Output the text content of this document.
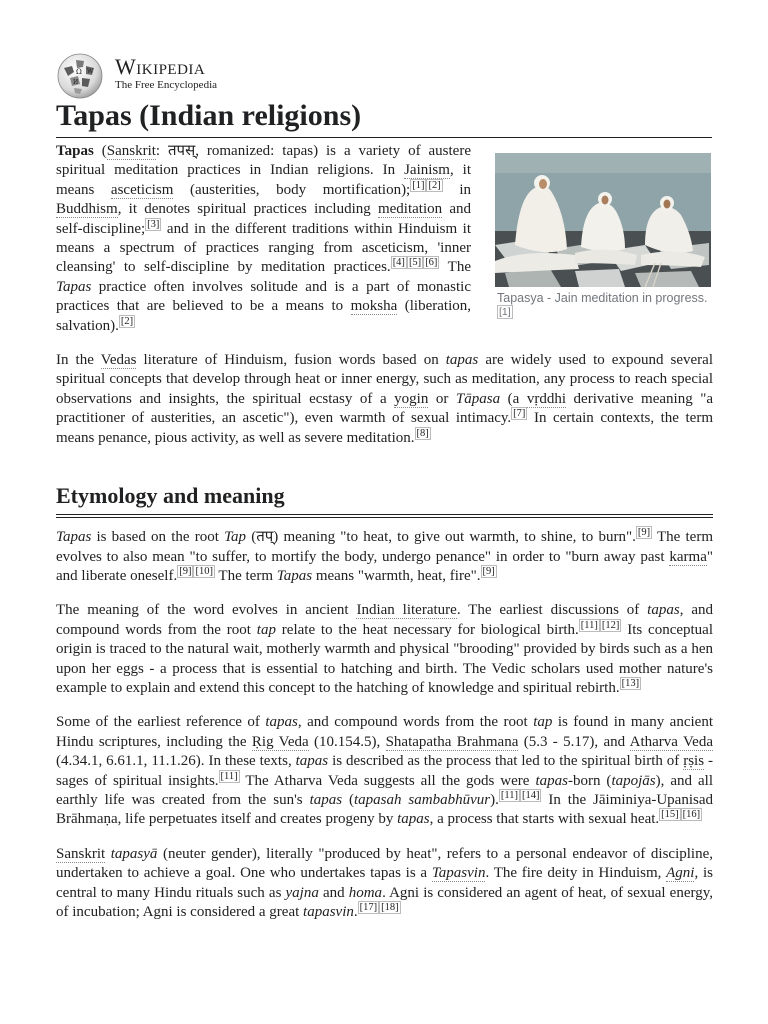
Ω W
И
Wikipedia
The Free Encyclopedia
Tapas (Indian religions)
Tapasya - Jain meditation in progress.[1]

Tapas (Sanskrit: तपस्, romanized: tapas) is a variety of austere spiritual meditation practices in Indian religions. In Jainism, it means asceticism (austerities, body mortification); [1] [2] in Buddhism, it denotes spiritual practices including meditation and self-discipline; [3] and in the different traditions within Hinduism it means a spectrum of practices ranging from asceticism, 'inner cleansing' to self-discipline by meditation practices. [4] [5] [6] The Tapas practice often involves solitude and is a part of monastic practices that are believed to be a means to moksha (liberation, salvation). [2]

In the Vedas literature of Hinduism, fusion words based on tapas are widely used to expound several spiritual concepts that develop through heat or inner energy, such as meditation, any process to reach special observations and insights, the spiritual ecstasy of a yogin or Tāpasa (a vṛddhi derivative meaning "a practitioner of austerities, an ascetic"), even warmth of sexual intimacy. [7] In certain contexts, the term means penance, pious activity, as well as severe meditation. [8]

Etymology and meaning

Tapas is based on the root Tap (तप्) meaning "to heat, to give out warmth, to shine, to burn". [9] The term evolves to also mean "to suffer, to mortify the body, undergo penance" in order to "burn away past karma" and liberate oneself. [9] [10] The term Tapas means "warmth, heat, fire". [9]

The meaning of the word evolves in ancient Indian literature. The earliest discussions of tapas, and compound words from the root tap relate to the heat necessary for biological birth. [11] [12] Its conceptual origin is traced to the natural wait, motherly warmth and physical "brooding" provided by birds such as a hen upon her eggs - a process that is essential to hatching and birth. The Vedic scholars used mother nature's example to explain and extend this concept to the hatching of knowledge and spiritual rebirth. [13]

Some of the earliest reference of tapas, and compound words from the root tap is found in many ancient Hindu scriptures, including the Ṛig Veda (10.154.5), Shatapatha Brahmana (5.3 - 5.17), and Atharva Veda (4.34.1, 6.61.1, 11.1.26). In these texts, tapas is described as the process that led to the spiritual birth of ṛṣis - sages of spiritual insights. [11] The Atharva Veda suggests all the gods were tapas-born (tapojās), and all earthly life was created from the sun's tapas (tapasah sambabhūvur). [11] [14] In the Jāiminiya-Upanisad Brāhmaṇa, life perpetuates itself and creates progeny by tapas, a process that starts with sexual heat. [15] [16]

Sanskrit tapasyā (neuter gender), literally "produced by heat", refers to a personal endeavor of discipline, undertaken to achieve a goal. One who undertakes tapas is a Tapasvin. The fire deity in Hinduism, Agni, is central to many Hindu rituals such as yajna and homa. Agni is considered an agent of heat, of sexual energy, of incubation; Agni is considered a great tapasvin. [17] [18]
